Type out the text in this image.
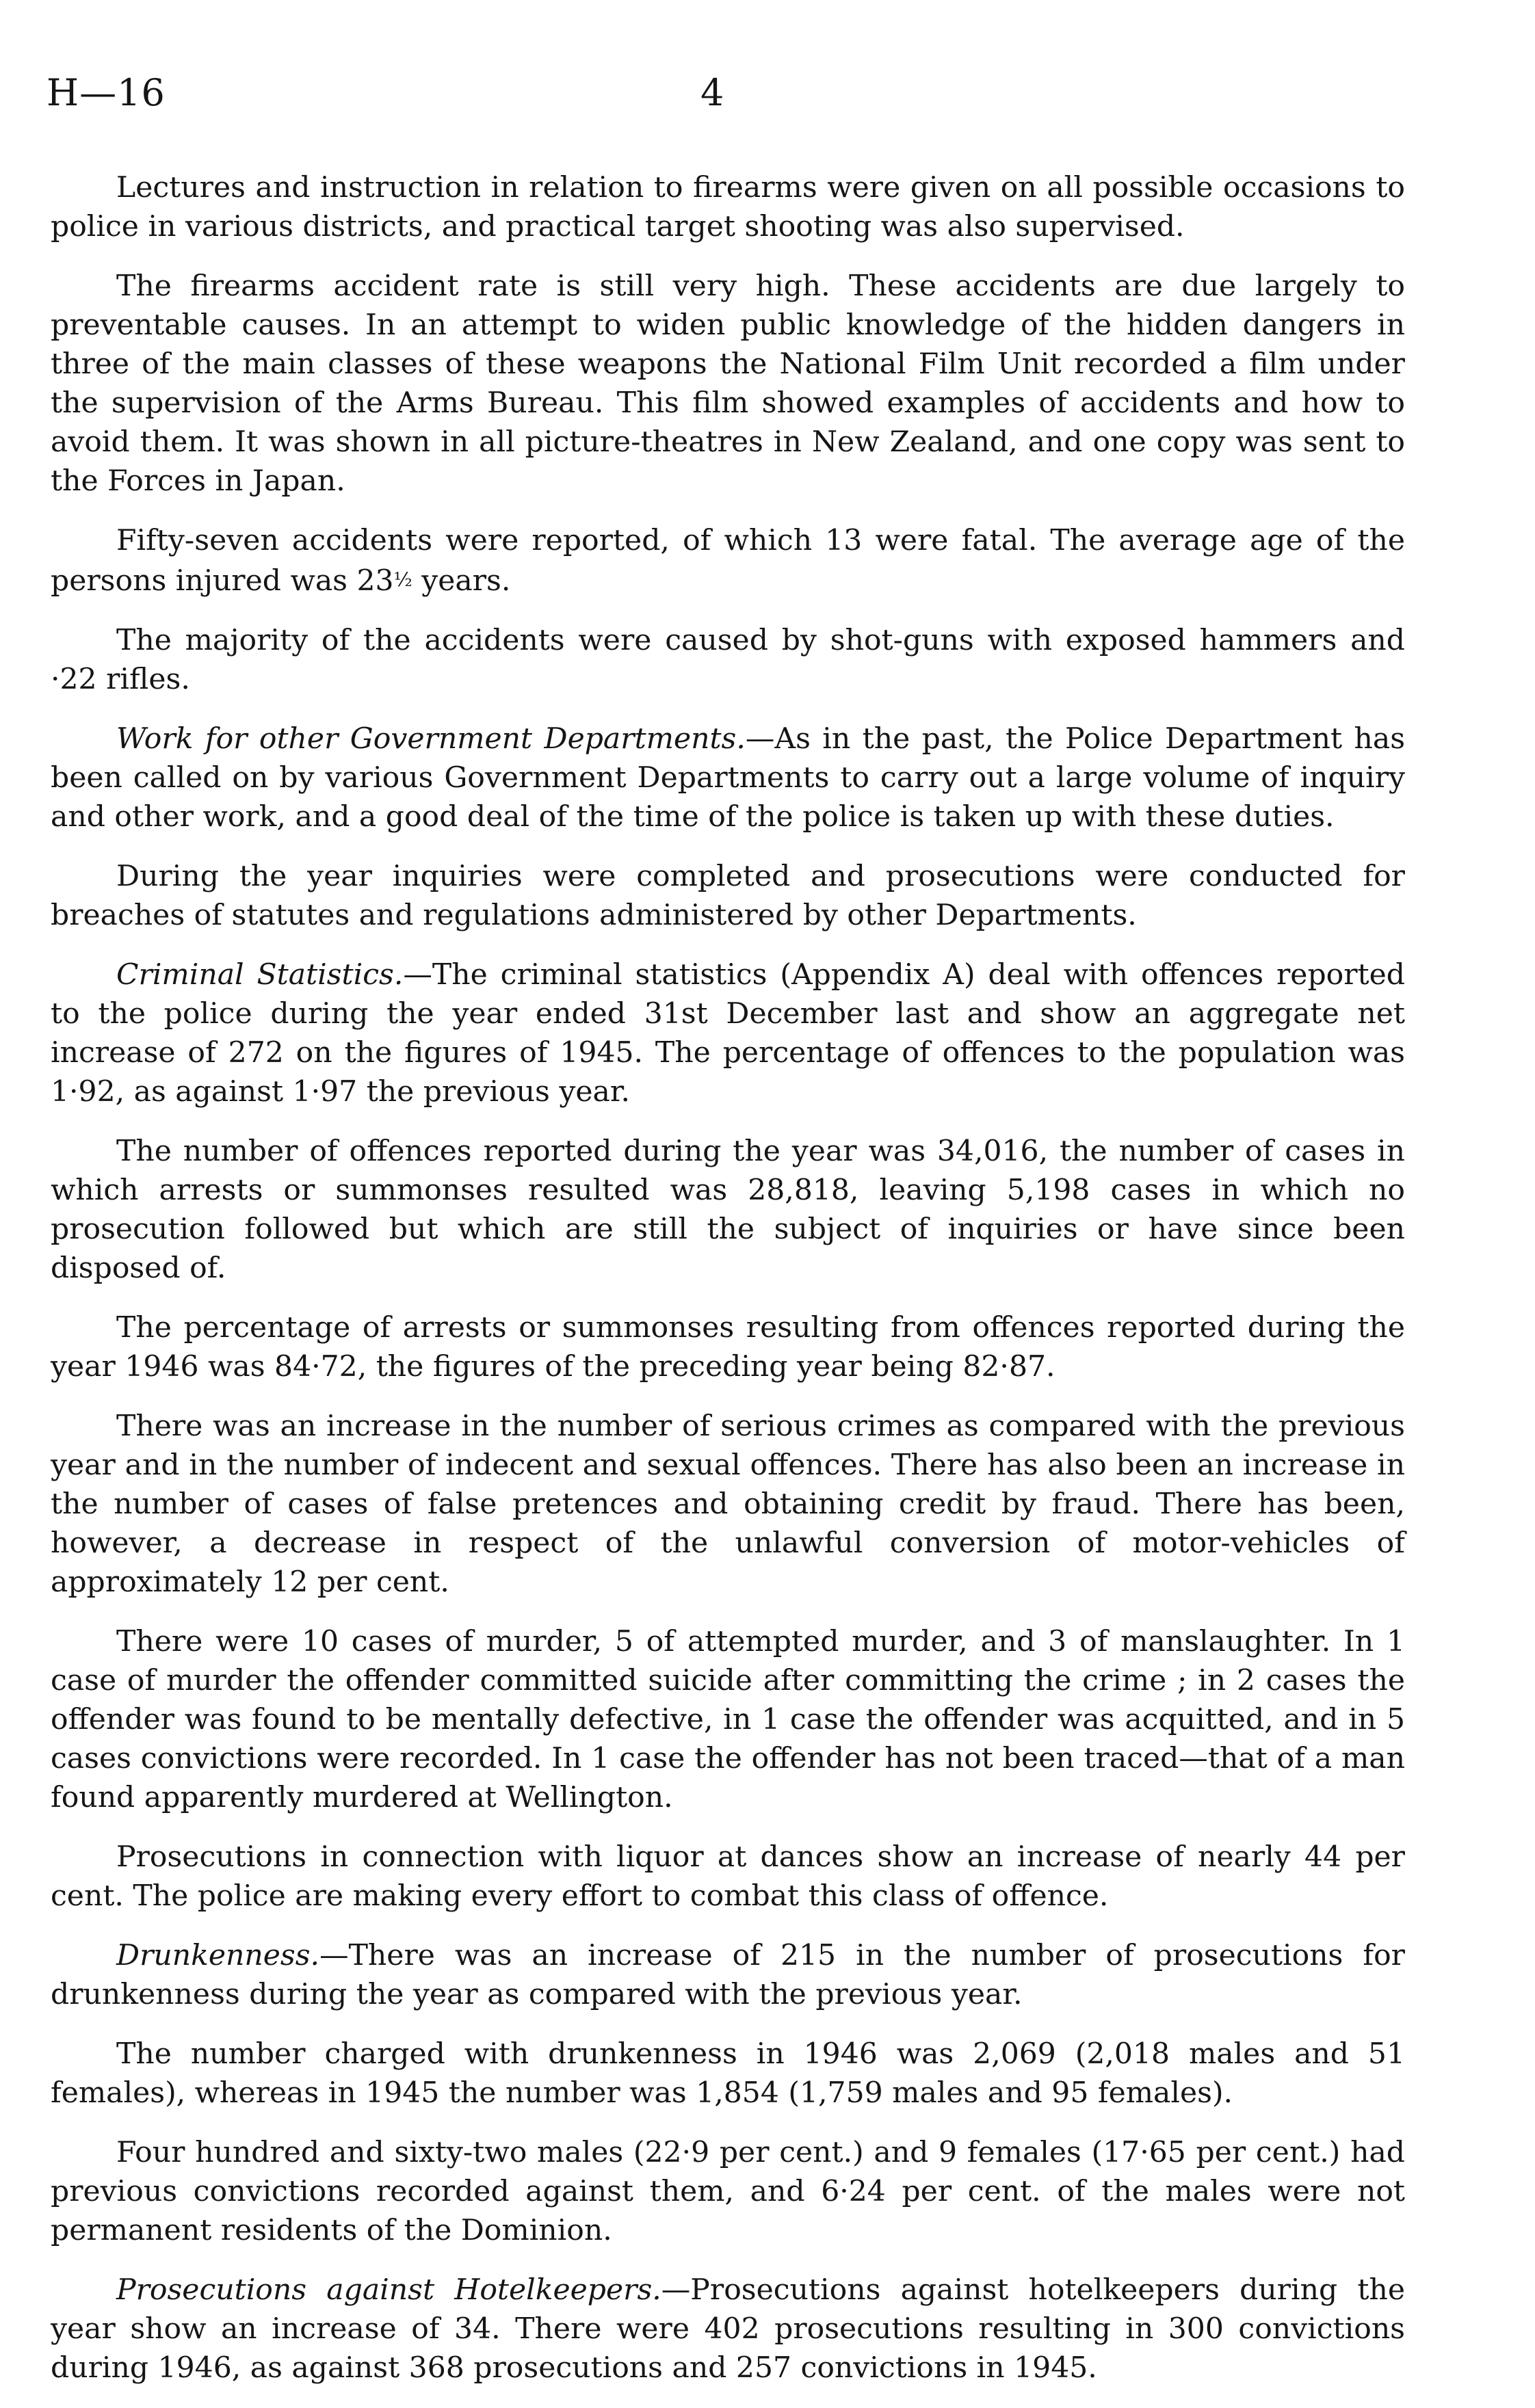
H—16	4

Lectures and instruction in relation to firearms were given on all possible occasions to police in various districts, and practical target shooting was also supervised.

The firearms accident rate is still very high. These accidents are due largely to preventable causes. In an attempt to widen public knowledge of the hidden dangers in three of the main classes of these weapons the National Film Unit recorded a film under the supervision of the Arms Bureau. This film showed examples of accidents and how to avoid them. It was shown in all picture-theatres in New Zealand, and one copy was sent to the Forces in Japan.

Fifty-seven accidents were reported, of which 13 were fatal. The average age of the persons injured was 23½ years.

The majority of the accidents were caused by shot-guns with exposed hammers and ·22 rifles.

Work for other Government Departments.—As in the past, the Police Department has been called on by various Government Departments to carry out a large volume of inquiry and other work, and a good deal of the time of the police is taken up with these duties.

During the year inquiries were completed and prosecutions were conducted for breaches of statutes and regulations administered by other Departments.

Criminal Statistics.—The criminal statistics (Appendix A) deal with offences reported to the police during the year ended 31st December last and show an aggregate net increase of 272 on the figures of 1945. The percentage of offences to the population was 1·92, as against 1·97 the previous year.

The number of offences reported during the year was 34,016, the number of cases in which arrests or summonses resulted was 28,818, leaving 5,198 cases in which no prosecution followed but which are still the subject of inquiries or have since been disposed of.

The percentage of arrests or summonses resulting from offences reported during the year 1946 was 84·72, the figures of the preceding year being 82·87.

There was an increase in the number of serious crimes as compared with the previous year and in the number of indecent and sexual offences. There has also been an increase in the number of cases of false pretences and obtaining credit by fraud. There has been, however, a decrease in respect of the unlawful conversion of motor-vehicles of approximately 12 per cent.

There were 10 cases of murder, 5 of attempted murder, and 3 of manslaughter. In 1 case of murder the offender committed suicide after committing the crime ; in 2 cases the offender was found to be mentally defective, in 1 case the offender was acquitted, and in 5 cases convictions were recorded. In 1 case the offender has not been traced—that of a man found apparently murdered at Wellington.

Prosecutions in connection with liquor at dances show an increase of nearly 44 per cent. The police are making every effort to combat this class of offence.

Drunkenness.—There was an increase of 215 in the number of prosecutions for drunkenness during the year as compared with the previous year.

The number charged with drunkenness in 1946 was 2,069 (2,018 males and 51 females), whereas in 1945 the number was 1,854 (1,759 males and 95 females).

Four hundred and sixty-two males (22·9 per cent.) and 9 females (17·65 per cent.) had previous convictions recorded against them, and 6·24 per cent. of the males were not permanent residents of the Dominion.

Prosecutions against Hotelkeepers.—Prosecutions against hotelkeepers during the year show an increase of 34. There were 402 prosecutions resulting in 300 convictions during 1946, as against 368 prosecutions and 257 convictions in 1945.
